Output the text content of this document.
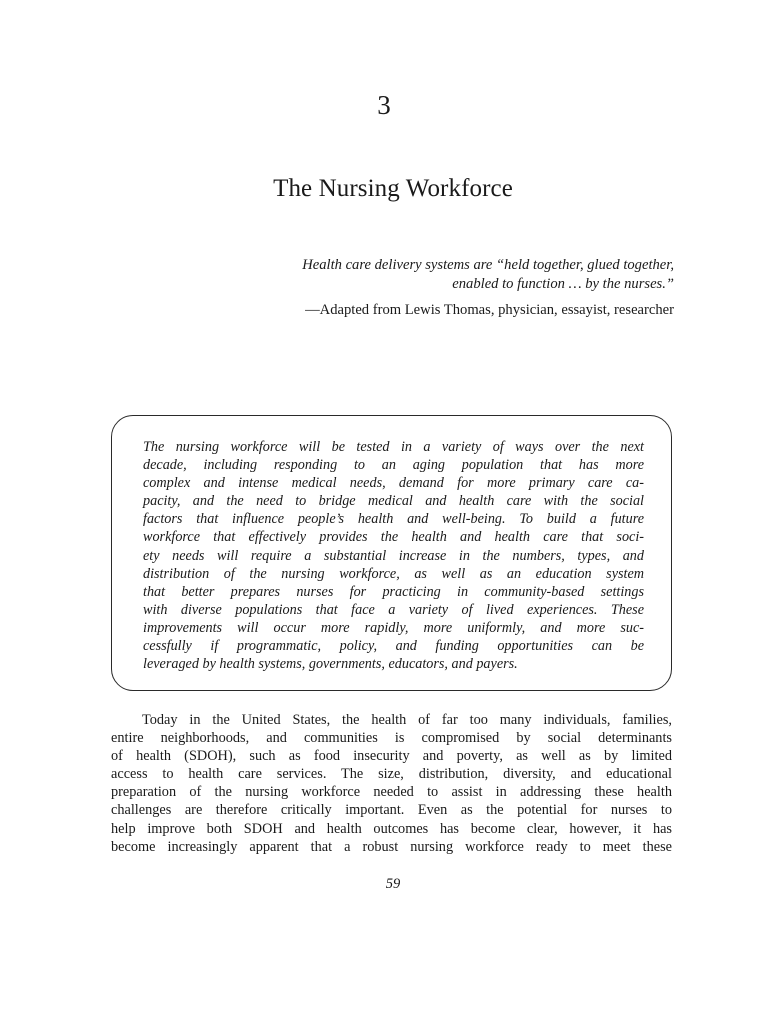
3
The Nursing Workforce

Health care delivery systems are “held together, glued together,
enabled to function … by the nurses.”

—Adapted from Lewis Thomas, physician, essayist, researcher

The nursing workforce will be tested in a variety of ways over the next
decade, including responding to an aging population that has more
complex and intense medical needs, demand for more primary care ca-
pacity, and the need to bridge medical and health care with the social
factors that influence people’s health and well-being. To build a future
workforce that effectively provides the health and health care that soci-
ety needs will require a substantial increase in the numbers, types, and
distribution of the nursing workforce, as well as an education system
that better prepares nurses for practicing in community-based settings
with diverse populations that face a variety of lived experiences. These
improvements will occur more rapidly, more uniformly, and more suc-
cessfully if programmatic, policy, and funding opportunities can be
leveraged by health systems, governments, educators, and payers.
Today in the United States, the health of far too many individuals, families,
entire neighborhoods, and communities is compromised by social determinants
of health (SDOH), such as food insecurity and poverty, as well as by limited
access to health care services. The size, distribution, diversity, and educational
preparation of the nursing workforce needed to assist in addressing these health
challenges are therefore critically important. Even as the potential for nurses to
help improve both SDOH and health outcomes has become clear, however, it has
become increasingly apparent that a robust nursing workforce ready to meet these
59
